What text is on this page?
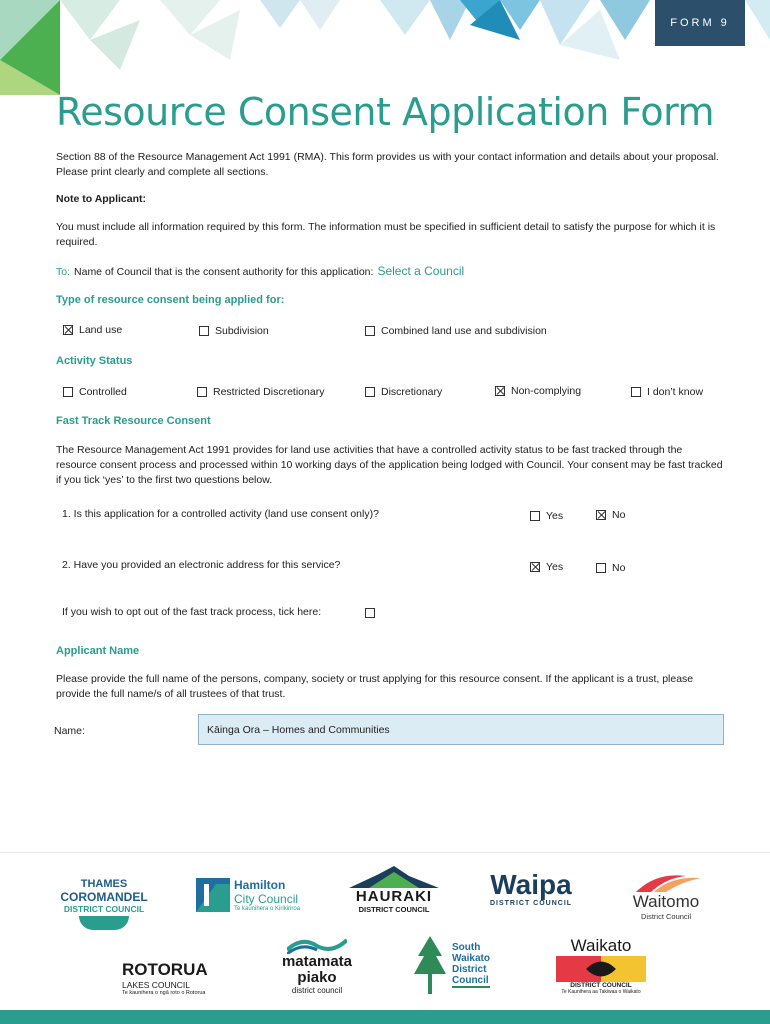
FORM 9
Resource Consent Application Form
Section 88 of the Resource Management Act 1991 (RMA). This form provides us with your contact information and details about your proposal. Please print clearly and complete all sections.
Note to Applicant:
You must include all information required by this form. The information must be specified in sufficient detail to satisfy the purpose for which it is required.
To: Name of Council that is the consent authority for this application: Select a Council
Type of resource consent being applied for:
Land use	Subdivision	Combined land use and subdivision
Activity Status
Controlled	Restricted Discretionary	Discretionary	Non-complying	I don’t know
Fast Track Resource Consent
The Resource Management Act 1991 provides for land use activities that have a controlled activity status to be fast tracked through the resource consent process and processed within 10 working days of the application being lodged with Council. Your consent may be fast tracked if you tick ‘yes’ to the first two questions below.
1. Is this application for a controlled activity (land use consent only)?	Yes	No
2. Have you provided an electronic address for this service?	Yes	No
If you wish to opt out of the fast track process, tick here:
Applicant Name
Please provide the full name of the persons, company, society or trust applying for this resource consent. If the applicant is a trust, please provide the full name/s of all trustees of that trust.
Name:	Kāinga Ora – Homes and Communities
THAMES
COROMANDEL
DISTRICT COUNCIL
Hamilton
City Council
Te kaunihera o Kirikiriroa
HAURAKI
DISTRICT COUNCIL
Waipa
DISTRICT COUNCIL	Waitomo
District Council
ROTORUA
LAKES COUNCIL
Te kaunihera o ngā roto o Rotorua
matamata
piako
district council
South
Waikato
District
Council
Waikato
DISTRICT COUNCIL
Te Kaunihera aa Takiwaa o Waikato
